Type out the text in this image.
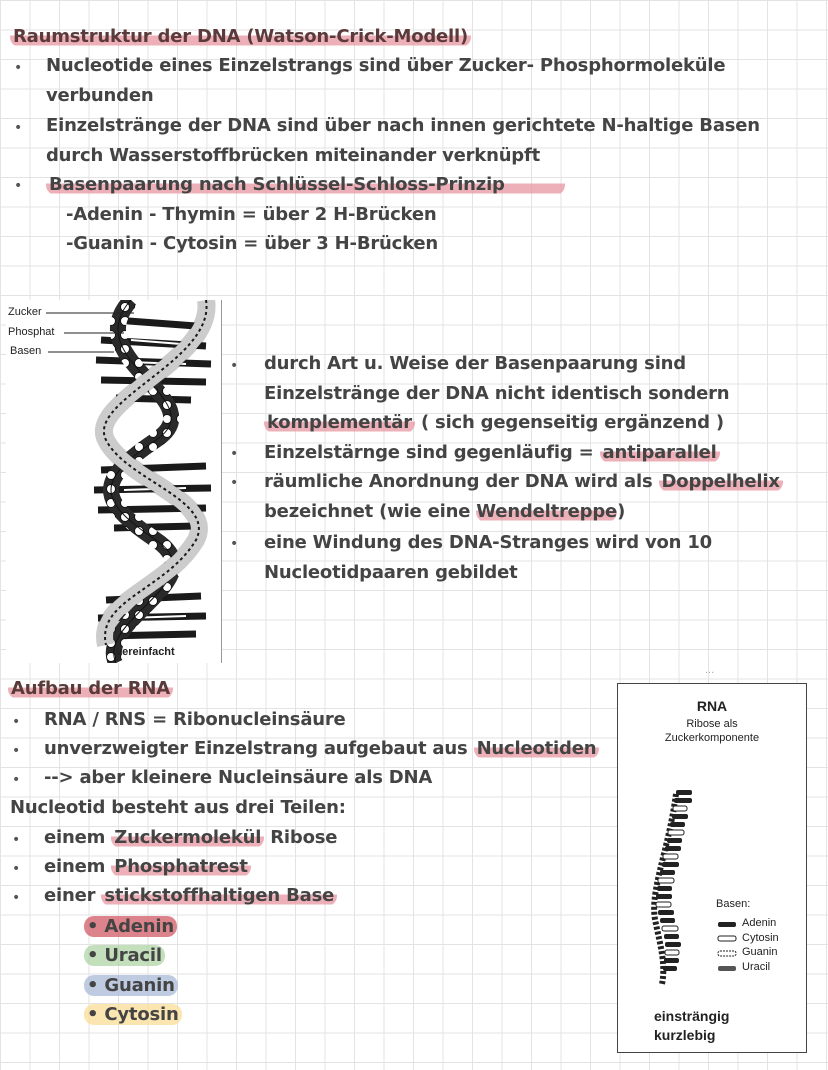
Raumstruktur der DNA (Watson-Crick-Modell)
• Nucleotide eines Einzelstrangs sind über Zucker- Phosphormoleküle
verbunden
• Einzelstränge der DNA sind über nach innen gerichtete N-haltige Basen
durch Wasserstoffbrücken miteinander verknüpft
• Basenpaarung nach Schlüssel-Schloss-Prinzip
-Adenin - Thymin = über 2 H-Brücken
-Guanin - Cytosin = über 3 H-Brücken
Zucker
Phosphat
Basen
vereinfacht
• durch Art u. Weise der Basenpaarung sind
Einzelstränge der DNA nicht identisch sondern
komplementär ( sich gegenseitig ergänzend )
• Einzelstärnge sind gegenläufig = antiparallel
• räumliche Anordnung der DNA wird als Doppelhelix
bezeichnet (wie eine Wendeltreppe)
• eine Windung des DNA-Stranges wird von 10
Nucleotidpaaren gebildet
Aufbau der RNA
• RNA / RNS = Ribonucleinsäure
• unverzweigter Einzelstrang aufgebaut aus Nucleotiden
• --> aber kleinere Nucleinsäure als DNA
Nucleotid besteht aus drei Teilen:
• einem Zuckermolekül Ribose
• einem Phosphatrest
• einer stickstoffhaltigen Base
• Adenin
• Uracil
• Guanin
• Cytosin
...
RNA
Ribose als
Zuckerkomponente
Basen:
Adenin
Cytosin
Guanin
Uracil
einsträngig
kurzlebig
